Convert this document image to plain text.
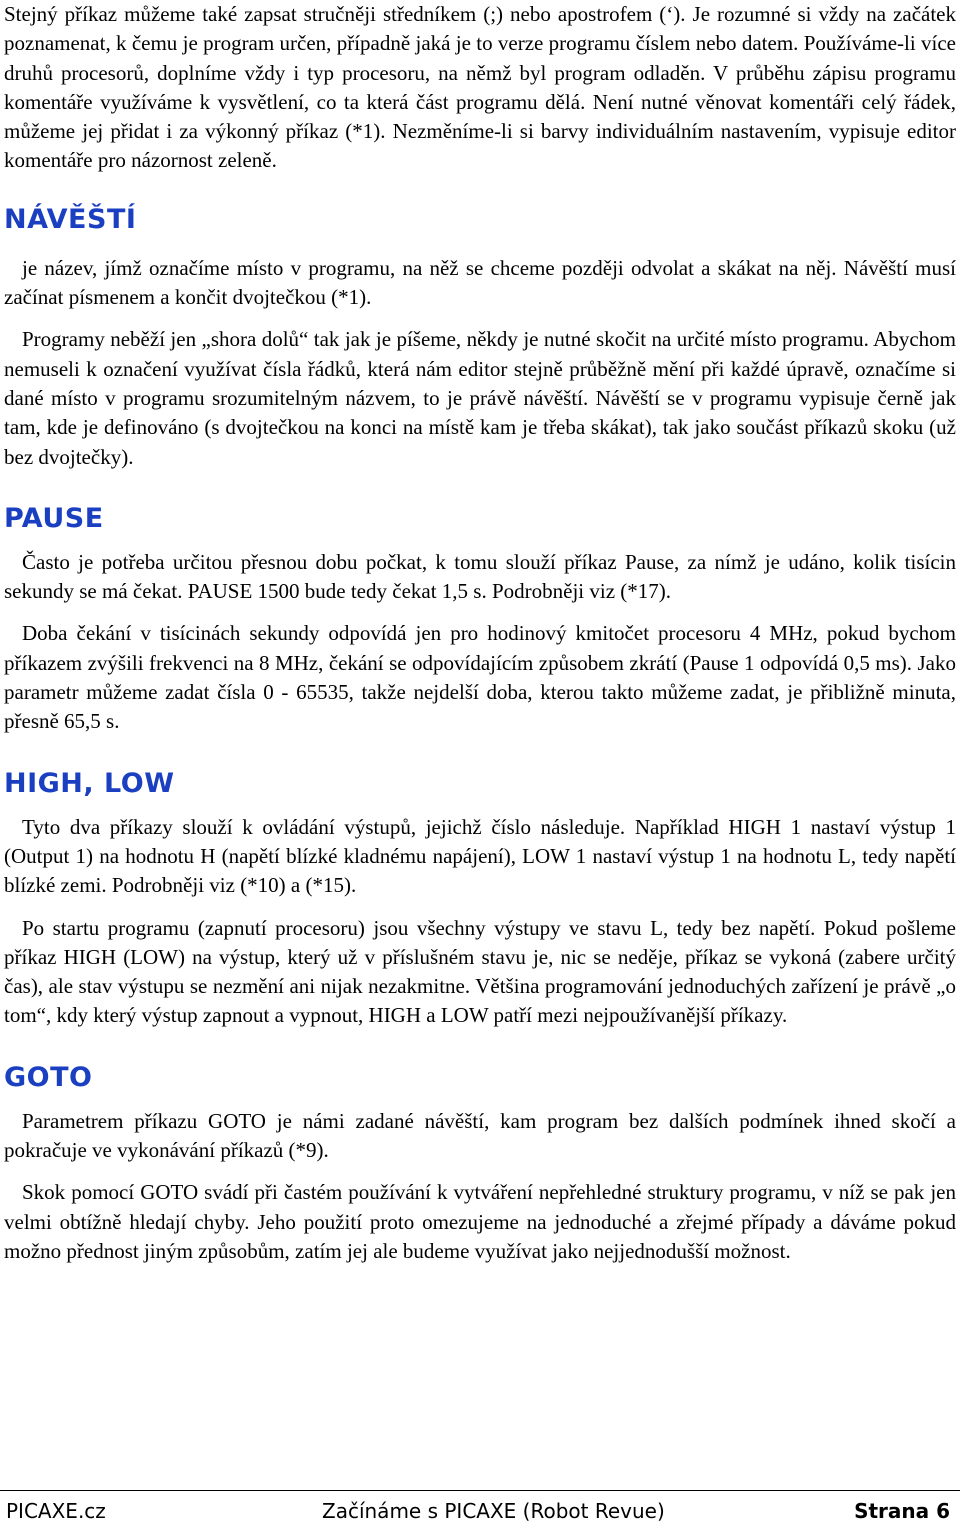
Stejný příkaz můžeme také zapsat stručněji středníkem (;) nebo apostrofem (‘). Je rozumné si vždy na začátek poznamenat, k čemu je program určen, případně jaká je to verze programu číslem nebo datem. Používáme-li více druhů procesorů, doplníme vždy i typ procesoru, na němž byl program odladěn. V průběhu zápisu programu komentáře využíváme k vysvětlení, co ta která část programu dělá. Není nutné věnovat komentáři celý řádek, můžeme jej přidat i za výkonný příkaz (*1). Nezměníme-li si barvy individuálním nastavením, vypisuje editor komentáře pro názornost zeleně.

NÁVĚŠTÍ

je název, jímž označíme místo v programu, na něž se chceme později odvolat a skákat na něj. Návěští musí začínat písmenem a končit dvojtečkou (*1).

Programy neběží jen „shora dolů“ tak jak je píšeme, někdy je nutné skočit na určité místo programu. Abychom nemuseli k označení využívat čísla řádků, která nám editor stejně průběžně mění při každé úpravě, označíme si dané místo v programu srozumitelným názvem, to je právě návěští. Návěští se v programu vypisuje černě jak tam, kde je definováno (s dvojtečkou na konci na místě kam je třeba skákat), tak jako součást příkazů skoku (už bez dvojtečky).

PAUSE

Často je potřeba určitou přesnou dobu počkat, k tomu slouží příkaz Pause, za nímž je udáno, kolik tisícin sekundy se má čekat. PAUSE 1500 bude tedy čekat 1,5 s. Podrobněji viz (*17).

Doba čekání v tisícinách sekundy odpovídá jen pro hodinový kmitočet procesoru 4 MHz, pokud bychom příkazem zvýšili frekvenci na 8 MHz, čekání se odpovídajícím způsobem zkrátí (Pause 1 odpovídá 0,5 ms). Jako parametr můžeme zadat čísla 0 - 65535, takže nejdelší doba, kterou takto můžeme zadat, je přibližně minuta, přesně 65,5 s.

HIGH, LOW

Tyto dva příkazy slouží k ovládání výstupů, jejichž číslo následuje. Například HIGH 1 nastaví výstup 1 (Output 1) na hodnotu H (napětí blízké kladnému napájení), LOW 1 nastaví výstup 1 na hodnotu L, tedy napětí blízké zemi. Podrobněji viz (*10) a (*15).

Po startu programu (zapnutí procesoru) jsou všechny výstupy ve stavu L, tedy bez napětí. Pokud pošleme příkaz HIGH (LOW) na výstup, který už v příslušném stavu je, nic se neděje, příkaz se vykoná (zabere určitý čas), ale stav výstupu se nezmění ani nijak nezakmitne. Většina programování jednoduchých zařízení je právě „o tom“, kdy který výstup zapnout a vypnout, HIGH a LOW patří mezi nejpoužívanější příkazy.

GOTO

Parametrem příkazu GOTO je námi zadané návěští, kam program bez dalších podmínek ihned skočí a pokračuje ve vykonávání příkazů (*9).

Skok pomocí GOTO svádí při častém používání k vytváření nepřehledné struktury programu, v níž se pak jen velmi obtížně hledají chyby. Jeho použití proto omezujeme na jednoduché a zřejmé případy a dáváme pokud možno přednost jiným způsobům, zatím jej ale budeme využívat jako nejjednodušší možnost.

PICAXE.cz	Začínáme s PICAXE (Robot Revue)	Strana 6
